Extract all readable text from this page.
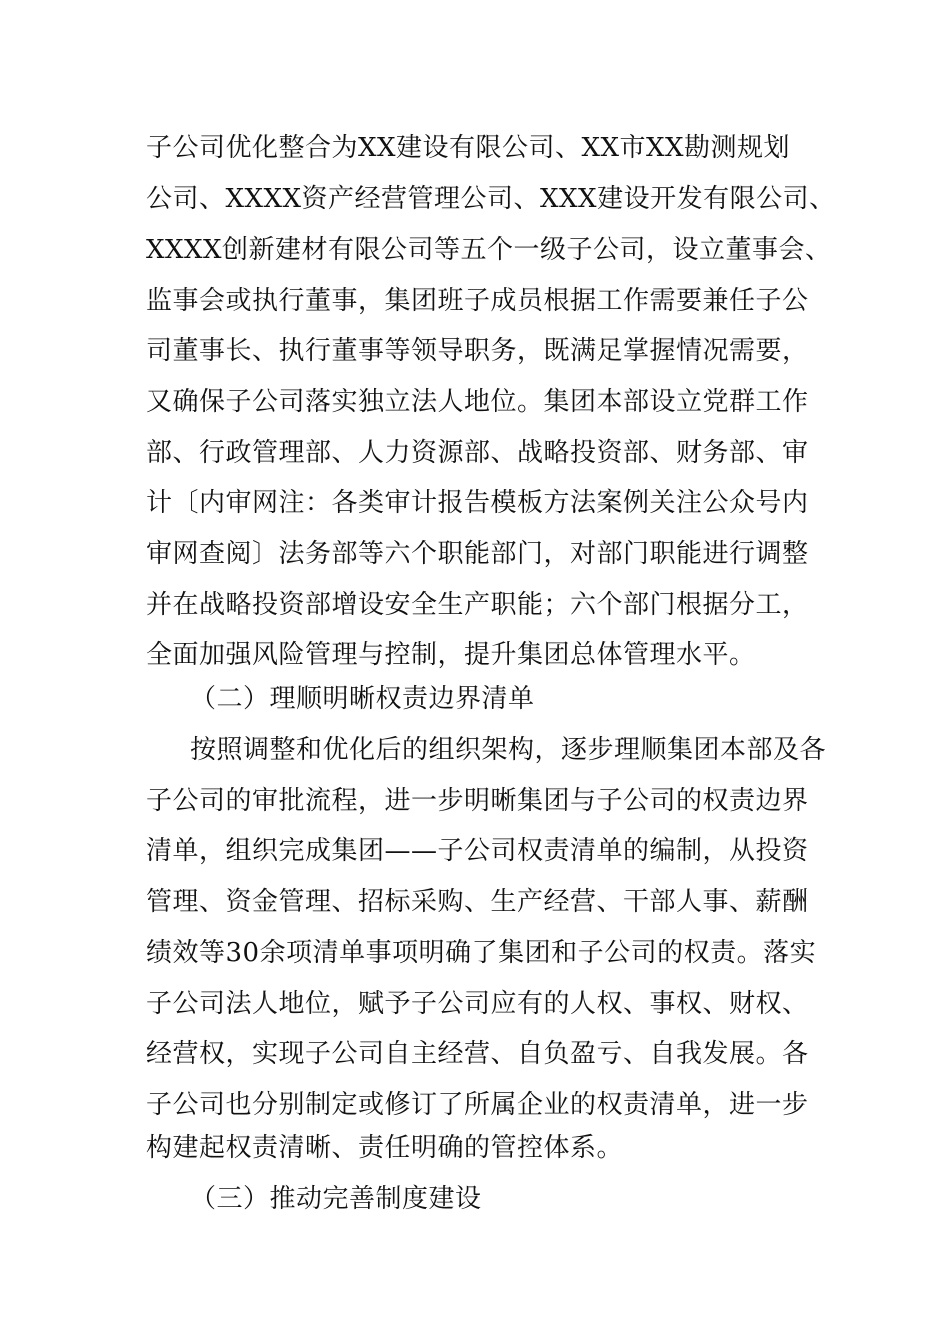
子公司优化整合为XX建设有限公司、XX市XX勘测规划
公司、XXXX资产经营管理公司、XXX建设开发有限公司、
XXXX创新建材有限公司等五个一级子公司，设立董事会、
监事会或执行董事，集团班子成员根据工作需要兼任子公
司董事长、执行董事等领导职务，既满足掌握情况需要，
又确保子公司落实独立法人地位。集团本部设立党群工作
部、行政管理部、人力资源部、战略投资部、财务部、审
计〔内审网注：各类审计报告模板方法案例关注公众号内
审网查阅〕法务部等六个职能部门，对部门职能进行调整
并在战略投资部增设安全生产职能；六个部门根据分工，
全面加强风险管理与控制，提升集团总体管理水平。
（二）理顺明晰权责边界清单
按照调整和优化后的组织架构，逐步理顺集团本部及各
子公司的审批流程，进一步明晰集团与子公司的权责边界
清单，组织完成集团——子公司权责清单的编制，从投资
管理、资金管理、招标采购、生产经营、干部人事、薪酬
绩效等30余项清单事项明确了集团和子公司的权责。落实
子公司法人地位，赋予子公司应有的人权、事权、财权、
经营权，实现子公司自主经营、自负盈亏、自我发展。各
子公司也分别制定或修订了所属企业的权责清单，进一步
构建起权责清晰、责任明确的管控体系。
（三）推动完善制度建设
